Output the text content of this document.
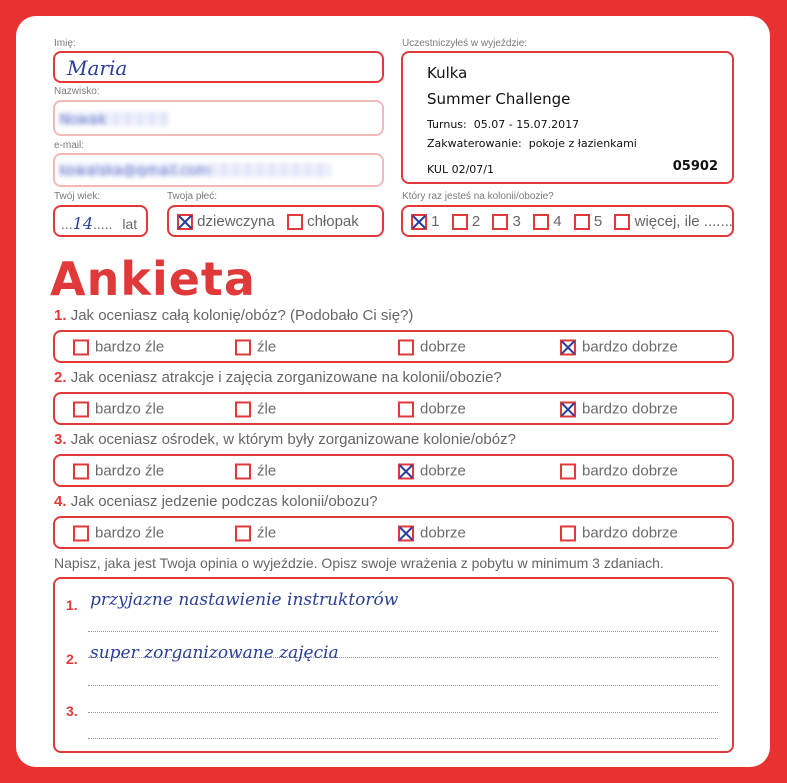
Imię:
Maria
Nazwisko:
Nowak
e-mail:
kowalska@gmail.com
Twój wiek:
...14..... lat
Twoja płeć:
dziewczyna chłopak
Uczestniczyłeś w wyjeździe:
Kulka
Summer Challenge
Turnus: 05.07 - 15.07.2017
Zakwaterowanie: pokoje z łazienkami
KUL 02/07/1	05902
Który raz jesteś na kolonii/obozie?
1 2 3 4 5 więcej, ile .......
Ankieta
1. Jak oceniasz całą kolonię/obóz? (Podobało Ci się?)
bardzo źle	źle	dobrze	bardzo dobrze
2. Jak oceniasz atrakcje i zajęcia zorganizowane na kolonii/obozie?
bardzo źle	źle	dobrze	bardzo dobrze
3. Jak oceniasz ośrodek, w którym były zorganizowane kolonie/obóz?
bardzo źle	źle	dobrze	bardzo dobrze
4. Jak oceniasz jedzenie podczas kolonii/obozu?
bardzo źle	źle	dobrze	bardzo dobrze
Napisz, jaka jest Twoja opinia o wyjeździe. Opisz swoje wrażenia z pobytu w minimum 3 zdaniach.
1. przyjazne nastawienie instruktorów
2. super zorganizowane zajęcia
3.
